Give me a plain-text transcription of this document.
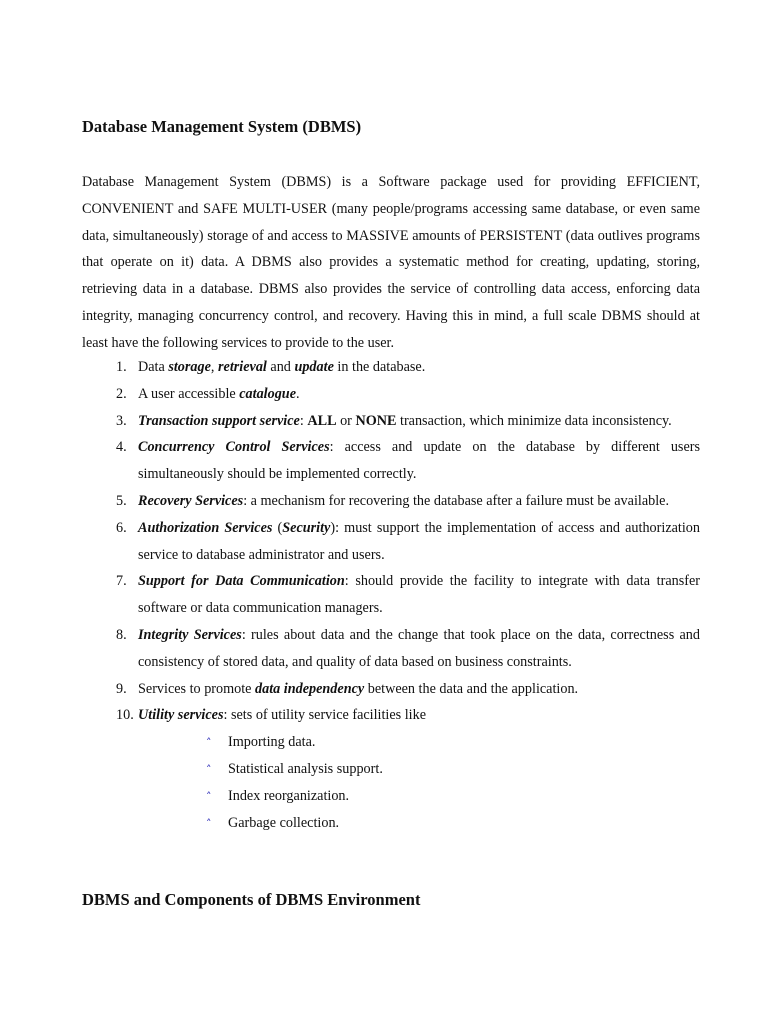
Database Management System (DBMS)

Database Management System (DBMS) is a Software package used for providing EFFICIENT, CONVENIENT and SAFE MULTI-USER (many people/programs accessing same database, or even same data, simultaneously) storage of and access to MASSIVE amounts of PERSISTENT (data outlives programs that operate on it) data. A DBMS also provides a systematic method for creating, updating, storing, retrieving data in a database. DBMS also provides the service of controlling data access, enforcing data integrity, managing concurrency control, and recovery. Having this in mind, a full scale DBMS should at least have the following services to provide to the user.

1. Data storage, retrieval and update in the database.
2. A user accessible catalogue.
3. Transaction support service: ALL or NONE transaction, which minimize data inconsistency.
4. Concurrency Control Services: access and update on the database by different users simultaneously should be implemented correctly.
5. Recovery Services: a mechanism for recovering the database after a failure must be available.
6. Authorization Services (Security): must support the implementation of access and authorization service to database administrator and users.
7. Support for Data Communication: should provide the facility to integrate with data transfer software or data communication managers.
8. Integrity Services: rules about data and the change that took place on the data, correctness and consistency of stored data, and quality of data based on business constraints.
9. Services to promote data independency between the data and the application.
10. Utility services: sets of utility service facilities like
˄ Importing data.
˄ Statistical analysis support.
˄ Index reorganization.
˄ Garbage collection.
DBMS and Components of DBMS Environment
